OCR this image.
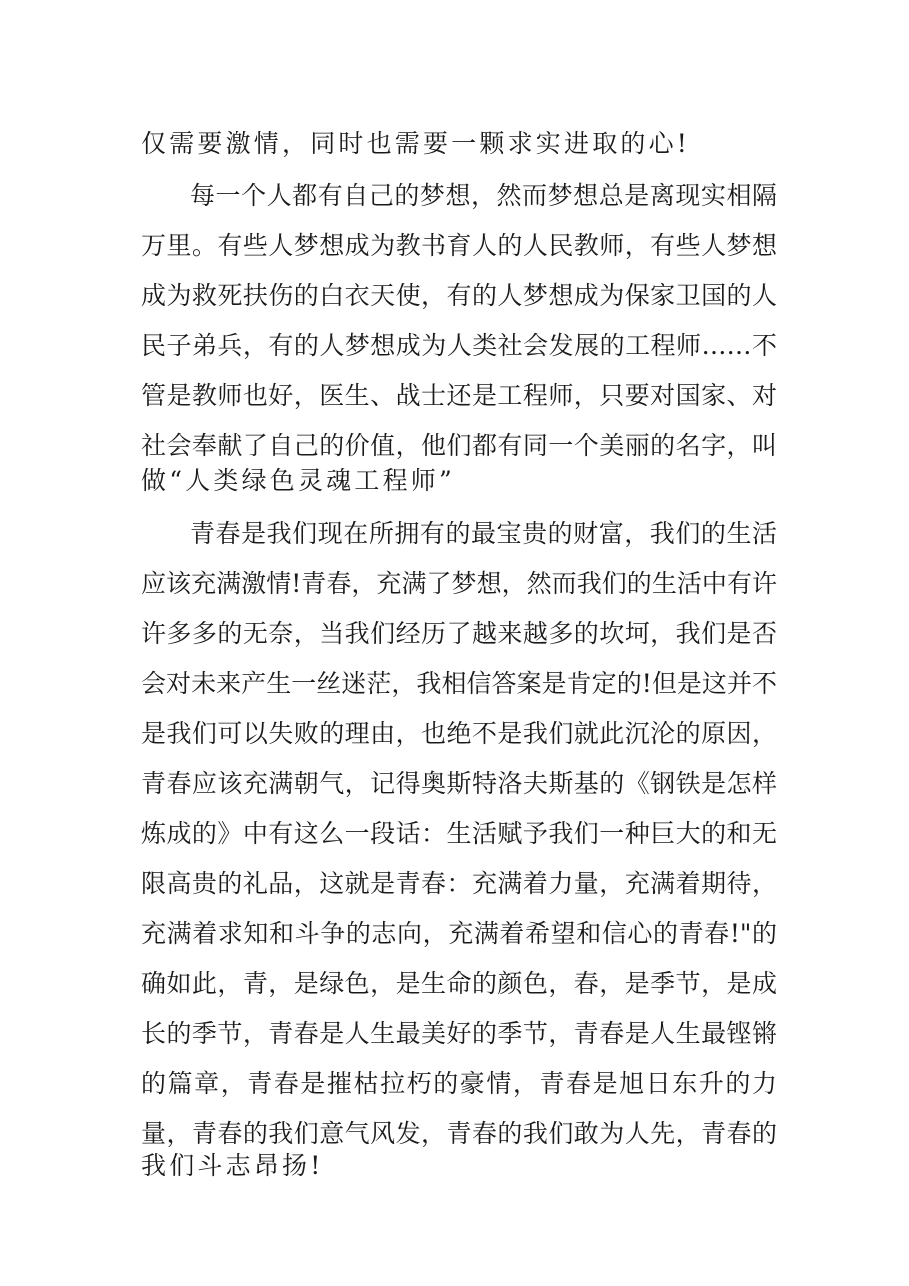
仅需要激情，同时也需要一颗求实进取的心!
每一个人都有自己的梦想，然而梦想总是离现实相隔
万里。有些人梦想成为教书育人的人民教师，有些人梦想
成为救死扶伤的白衣天使，有的人梦想成为保家卫国的人
民子弟兵，有的人梦想成为人类社会发展的工程师……不
管是教师也好，医生、战士还是工程师，只要对国家、对
社会奉献了自己的价值，他们都有同一个美丽的名字，叫
做“人类绿色灵魂工程师”
青春是我们现在所拥有的最宝贵的财富，我们的生活
应该充满激情!青春，充满了梦想，然而我们的生活中有许
许多多的无奈，当我们经历了越来越多的坎坷，我们是否
会对未来产生一丝迷茫，我相信答案是肯定的!但是这并不
是我们可以失败的理由，也绝不是我们就此沉沦的原因，
青春应该充满朝气，记得奥斯特洛夫斯基的《钢铁是怎样
炼成的》中有这么一段话：生活赋予我们一种巨大的和无
限高贵的礼品，这就是青春：充满着力量，充满着期待，
充满着求知和斗争的志向，充满着希望和信心的青春!"的
确如此，青，是绿色，是生命的颜色，春，是季节，是成
长的季节，青春是人生最美好的季节，青春是人生最铿锵
的篇章，青春是摧枯拉朽的豪情，青春是旭日东升的力
量，青春的我们意气风发，青春的我们敢为人先，青春的
我们斗志昂扬!
